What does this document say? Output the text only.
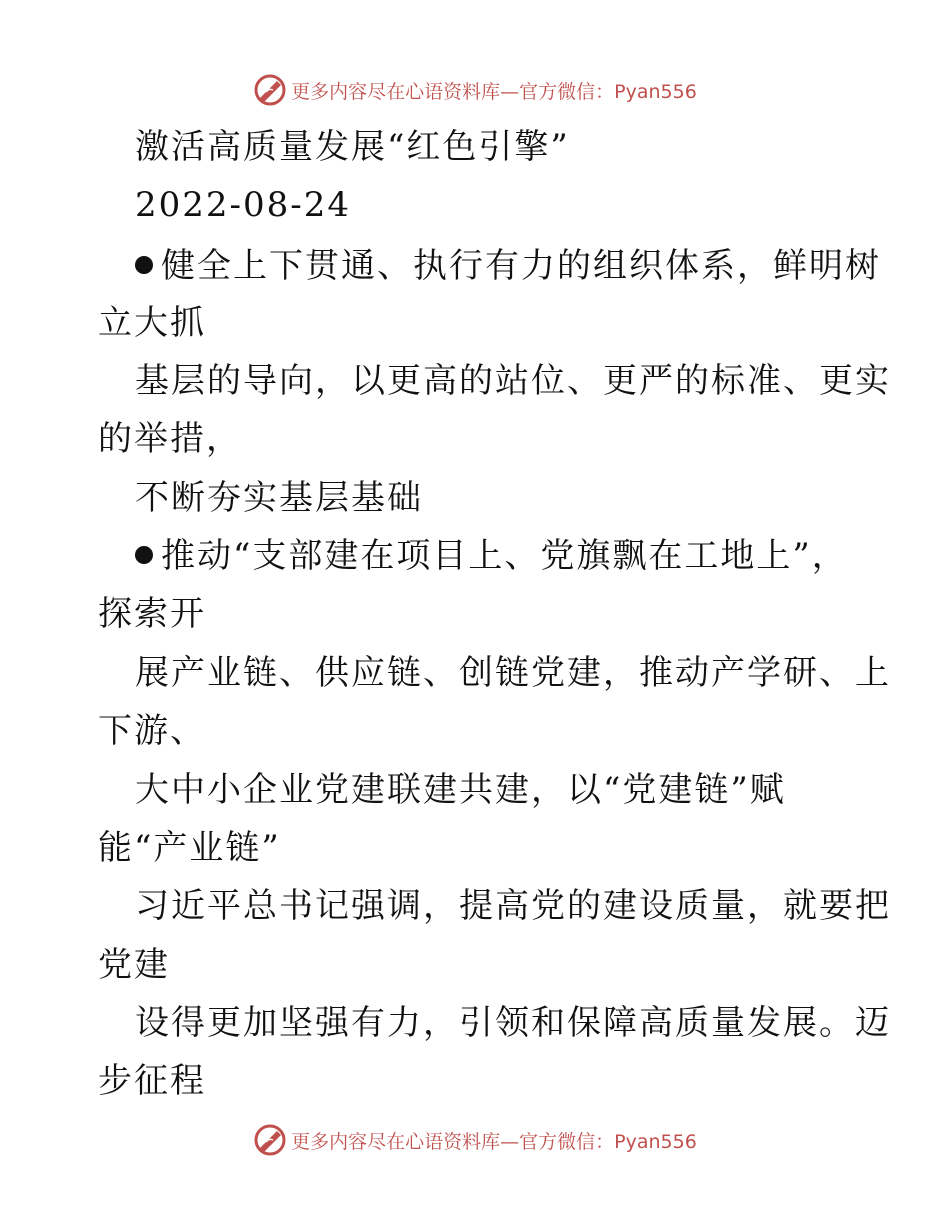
更多内容尽在心语资料库—官方微信：Pyan556
激活高质量发展“红色引擎”
2022-08-24
健全上下贯通、执行有力的组织体系，鲜明树
立大抓
基层的导向，以更高的站位、更严的标准、更实
的举措，
不断夯实基层基础
推动“支部建在项目上、党旗飘在工地上”，
探索开
展产业链、供应链、创链党建，推动产学研、上
下游、
大中小企业党建联建共建，以“党建链”赋
能“产业链”
习近平总书记强调，提高党的建设质量，就要把
党建
设得更加坚强有力，引领和保障高质量发展。迈
步征程
更多内容尽在心语资料库—官方微信：Pyan556
